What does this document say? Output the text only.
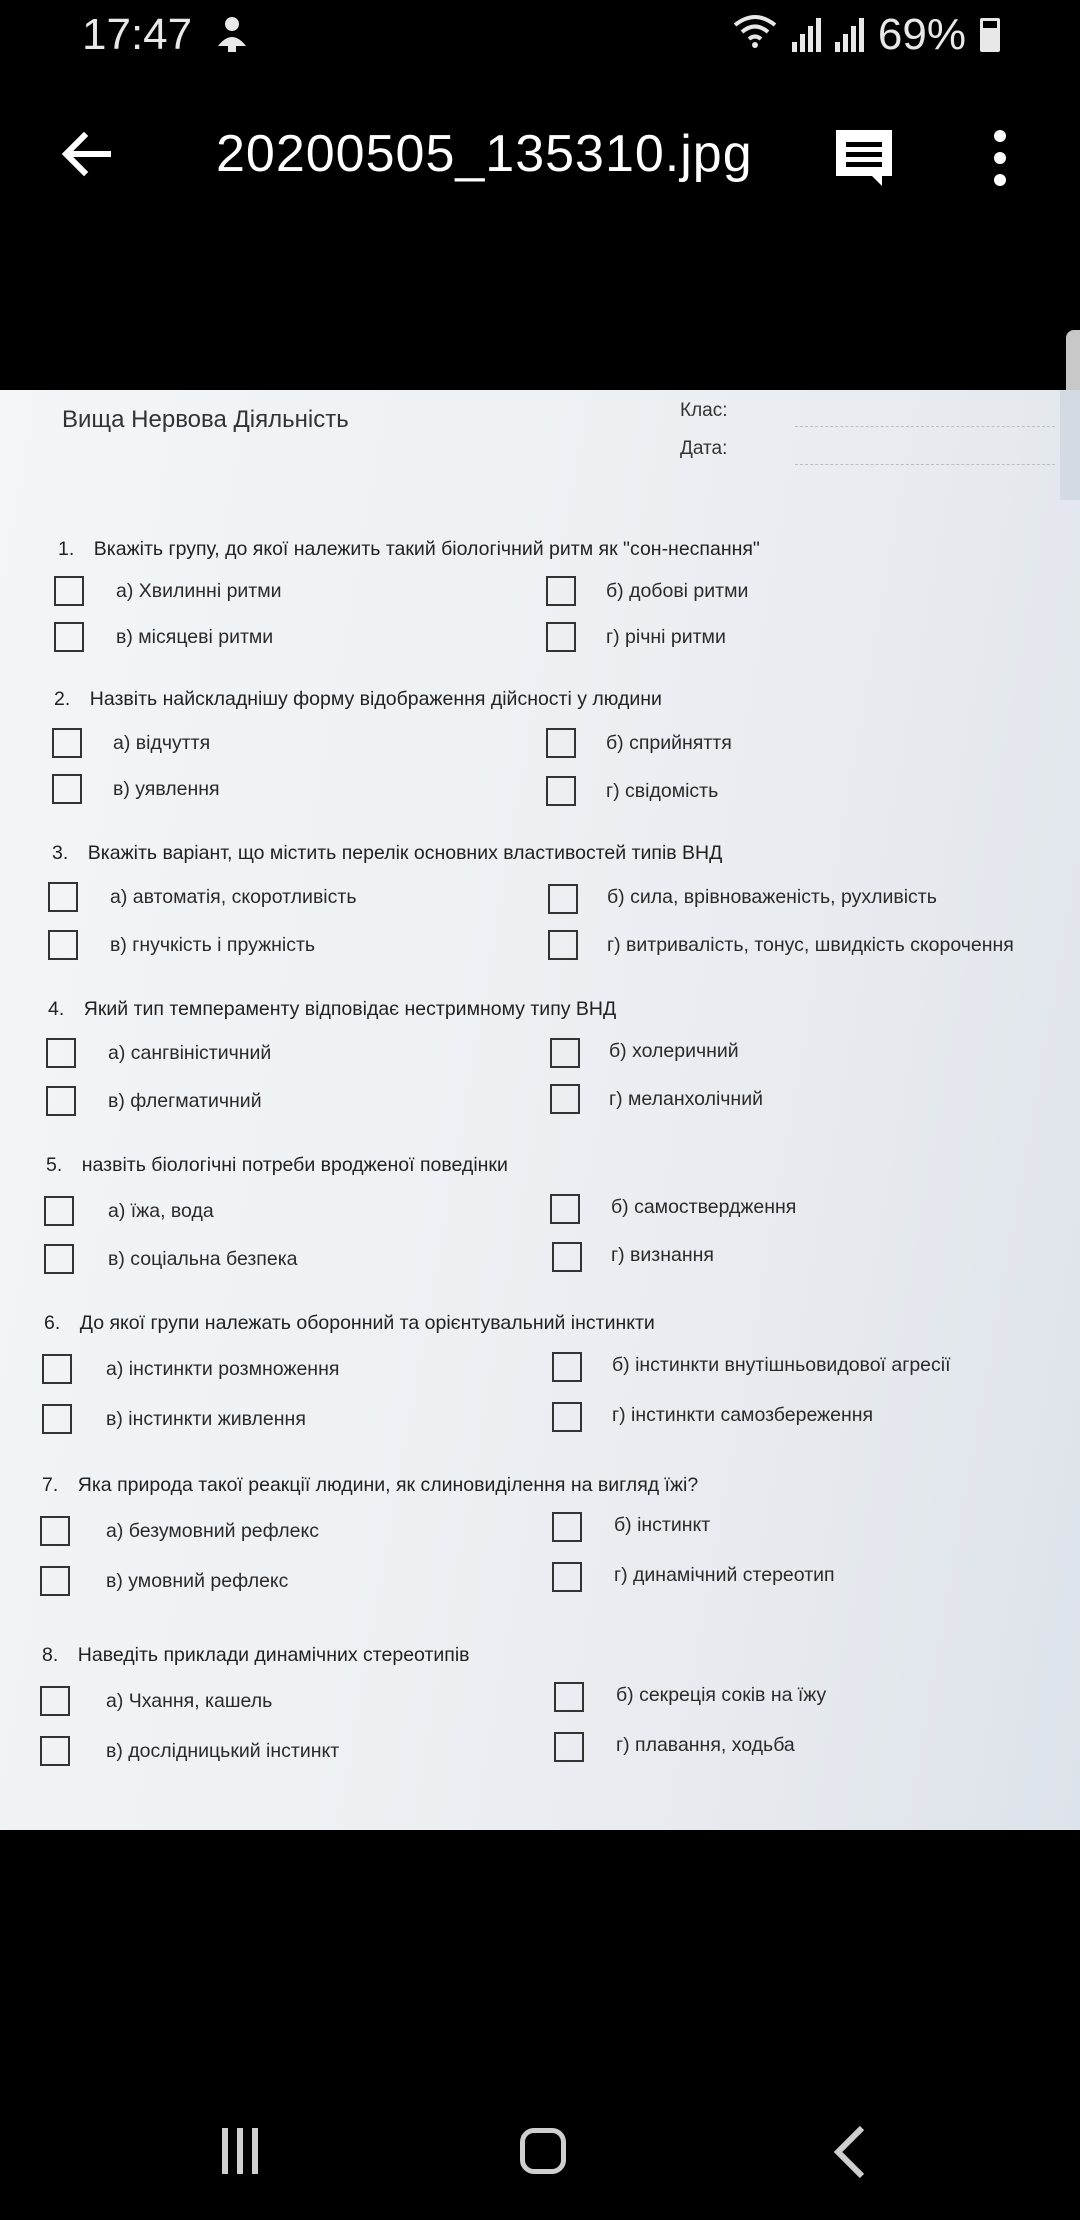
17:47	69%
20200505_135310.jpg
Вища Нервова Діяльність	Клас:
Дата:
1. Вкажіть групу, до якої належить такий біологічний ритм як "сон-неспання"
а) Хвилинні ритми	б) добові ритми
в) місяцеві ритми	г) річні ритми
2. Назвіть найскладнішу форму відображення дійсності у людини
а) відчуття	б) сприйняття
в) уявлення	г) свідомість
3. Вкажіть варіант, що містить перелік основних властивостей типів ВНД
а) автоматія, скоротливість	б) сила, врівноваженість, рухливість
в) гнучкість і пружність	г) витривалість, тонус, швидкість скорочення
4. Який тип темпераменту відповідає нестримному типу ВНД
а) сангвіністичний	б) холеричний
в) флегматичний	г) меланхолічний
5. назвіть біологічні потреби вродженої поведінки
а) їжа, вода	б) самоствердження
в) соціальна безпека	г) визнання
6. До якої групи належать оборонний та орієнтувальний інстинкти
а) інстинкти розмноження	б) інстинкти внутішньовидової агресії
в) інстинкти живлення	г) інстинкти самозбереження
7. Яка природа такої реакції людини, як слиновиділення на вигляд їжі?
а) безумовний рефлекс	б) інстинкт
в) умовний рефлекс	г) динамічний стереотип
8. Наведіть приклади динамічних стереотипів
а) Чхання, кашель	б) секреція соків на їжу
в) дослідницький інстинкт	г) плавання, ходьба
